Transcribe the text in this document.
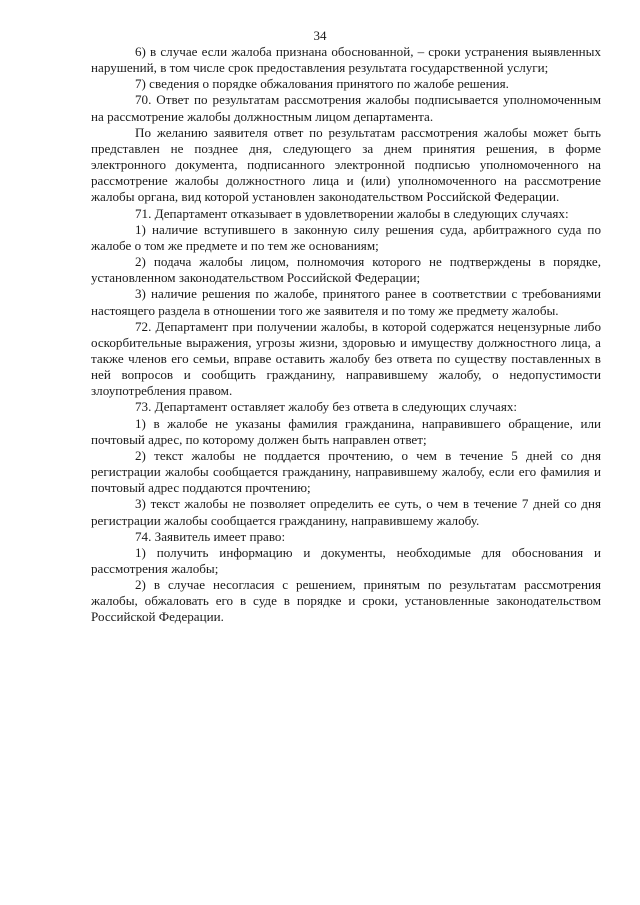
34

6) в случае если жалоба признана обоснованной, – сроки устранения выявленных нарушений, в том числе срок предоставления результата государственной услуги;

7) сведения о порядке обжалования принятого по жалобе решения.

70. Ответ по результатам рассмотрения жалобы подписывается уполномоченным на рассмотрение жалобы должностным лицом департамента.

По желанию заявителя ответ по результатам рассмотрения жалобы может быть представлен не позднее дня, следующего за днем принятия решения, в форме электронного документа, подписанного электронной подписью уполномоченного на рассмотрение жалобы должностного лица и (или) уполномоченного на рассмотрение жалобы органа, вид которой установлен законодательством Российской Федерации.

71. Департамент отказывает в удовлетворении жалобы в следующих случаях:

1) наличие вступившего в законную силу решения суда, арбитражного суда по жалобе о том же предмете и по тем же основаниям;

2) подача жалобы лицом, полномочия которого не подтверждены в порядке, установленном законодательством Российской Федерации;

3) наличие решения по жалобе, принятого ранее в соответствии с требованиями настоящего раздела в отношении того же заявителя и по тому же предмету жалобы.

72. Департамент при получении жалобы, в которой содержатся нецензурные либо оскорбительные выражения, угрозы жизни, здоровью и имуществу должностного лица, а также членов его семьи, вправе оставить жалобу без ответа по существу поставленных в ней вопросов и сообщить гражданину, направившему жалобу, о недопустимости злоупотребления правом.

73. Департамент оставляет жалобу без ответа в следующих случаях:

1) в жалобе не указаны фамилия гражданина, направившего обращение, или почтовый адрес, по которому должен быть направлен ответ;

2) текст жалобы не поддается прочтению, о чем в течение 5 дней со дня регистрации жалобы сообщается гражданину, направившему жалобу, если его фамилия и почтовый адрес поддаются прочтению;

3) текст жалобы не позволяет определить ее суть, о чем в течение 7 дней со дня регистрации жалобы сообщается гражданину, направившему жалобу.

74. Заявитель имеет право:

1) получить информацию и документы, необходимые для обоснования и рассмотрения жалобы;

2) в случае несогласия с решением, принятым по результатам рассмотрения жалобы, обжаловать его в суде в порядке и сроки, установленные законодательством Российской Федерации.
